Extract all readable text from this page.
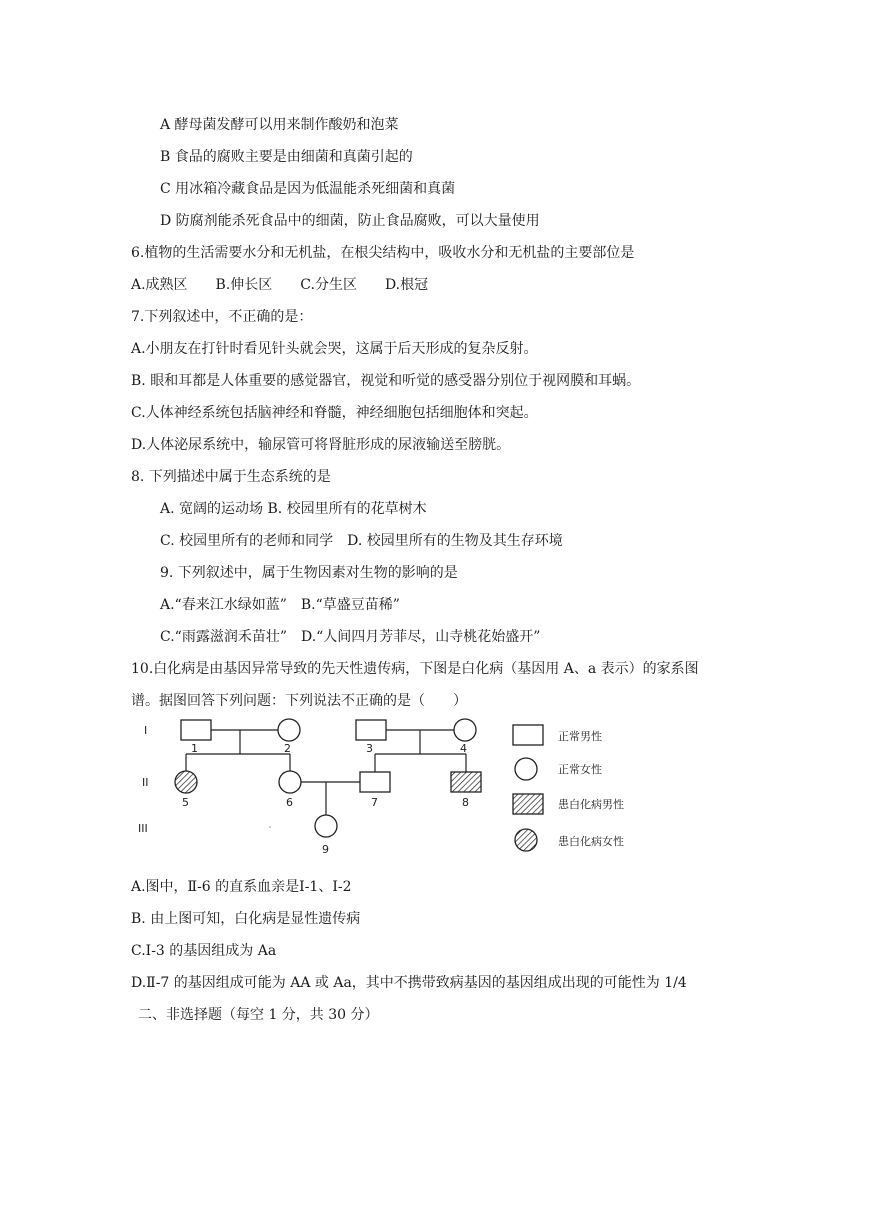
A 酵母菌发酵可以用来制作酸奶和泡菜
B 食品的腐败主要是由细菌和真菌引起的
C 用冰箱冷藏食品是因为低温能杀死细菌和真菌
D 防腐剂能杀死食品中的细菌，防止食品腐败，可以大量使用
6.植物的生活需要水分和无机盐，在根尖结构中，吸收水分和无机盐的主要部位是
A.成熟区　　B.伸长区　　C.分生区　　D.根冠
7.下列叙述中，不正确的是：
A.小朋友在打针时看见针头就会哭，这属于后天形成的复杂反射。
B. 眼和耳都是人体重要的感觉器官，视觉和听觉的感受器分别位于视网膜和耳蜗。
C.人体神经系统包括脑神经和脊髓，神经细胞包括细胞体和突起。
D.人体泌尿系统中，输尿管可将肾脏形成的尿液输送至膀胱。
8. 下列描述中属于生态系统的是
A. 宽阔的运动场 B. 校园里所有的花草树木
C. 校园里所有的老师和同学　D. 校园里所有的生物及其生存环境
9. 下列叙述中，属于生物因素对生物的影响的是
A.“春来江水绿如蓝”　B.“草盛豆苗稀”
C.“雨露滋润禾苗壮”　D.“人间四月芳菲尽，山寺桃花始盛开”
10.白化病是由基因异常导致的先天性遗传病，下图是白化病（基因用 A、a 表示）的家系图
谱。据图回答下列问题：下列说法不正确的是（　　）
I
II
III
1	2	3	4
5	6	7	8
9
正常男性
正常女性
患白化病男性
患白化病女性
A.图中，Ⅱ-6 的直系血亲是Ⅰ-1、Ⅰ-2
B. 由上图可知，白化病是显性遗传病
C.Ⅰ-3 的基因组成为 Aa
D.Ⅱ-7 的基因组成可能为 AA 或 Aa，其中不携带致病基因的基因组成出现的可能性为 1/4
二、非选择题（每空 1 分，共 30 分）
